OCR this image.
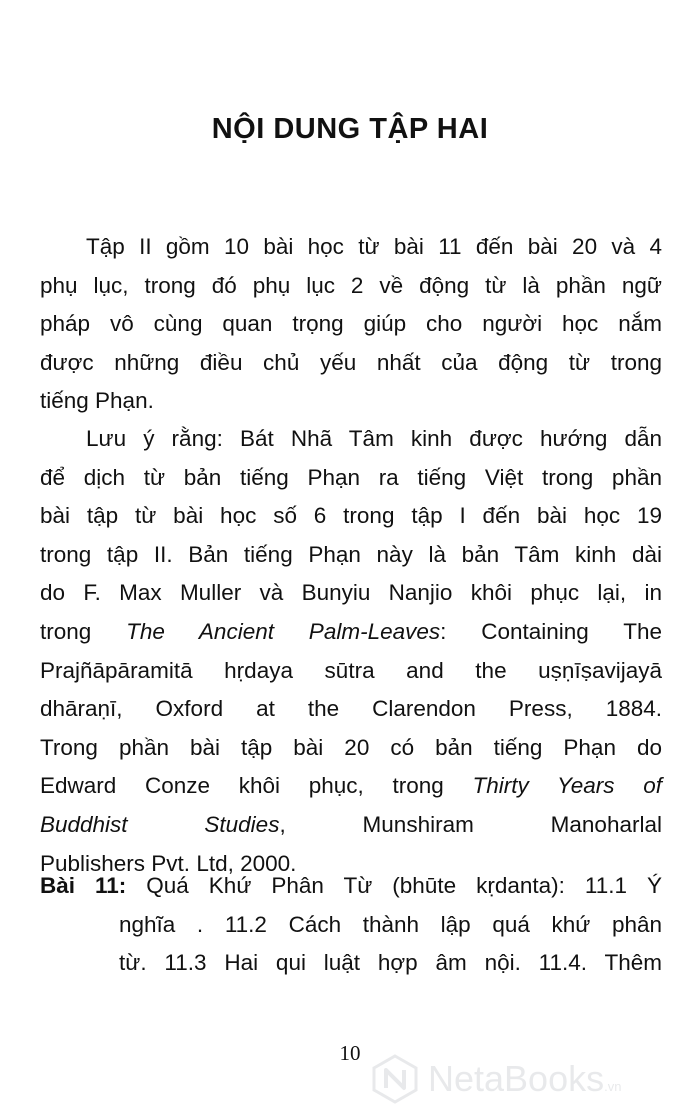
NỘI DUNG TẬP HAI
Tập II gồm 10 bài học từ bài 11 đến bài 20 và 4
phụ lục, trong đó phụ lục 2 về động từ là phần ngữ
pháp vô cùng quan trọng giúp cho người học nắm
được những điều chủ yếu nhất của động từ trong
tiếng Phạn.
Lưu ý rằng: Bát Nhã Tâm kinh được hướng dẫn
để dịch từ bản tiếng Phạn ra tiếng Việt trong phần
bài tập từ bài học số 6 trong tập I đến bài học 19
trong tập II. Bản tiếng Phạn này là bản Tâm kinh dài
do F. Max Muller và Bunyiu Nanjio khôi phục lại, in
trong The Ancient Palm-Leaves: Containing The
Prajñāpāramitā hṛdaya sūtra and the uṣṇīṣavijayā
dhāraṇī, Oxford at the Clarendon Press, 1884.
Trong phần bài tập bài 20 có bản tiếng Phạn do
Edward Conze khôi phục, trong Thirty Years of
Buddhist Studies, Munshiram Manoharlal
Publishers Pvt. Ltd, 2000.
Bài 11: Quá Khứ Phân Từ (bhūte kṛdanta): 11.1 Ý
nghĩa . 11.2 Cách thành lập quá khứ phân
từ. 11.3 Hai qui luật hợp âm nội. 11.4. Thêm
10
NetaBooks.vn
